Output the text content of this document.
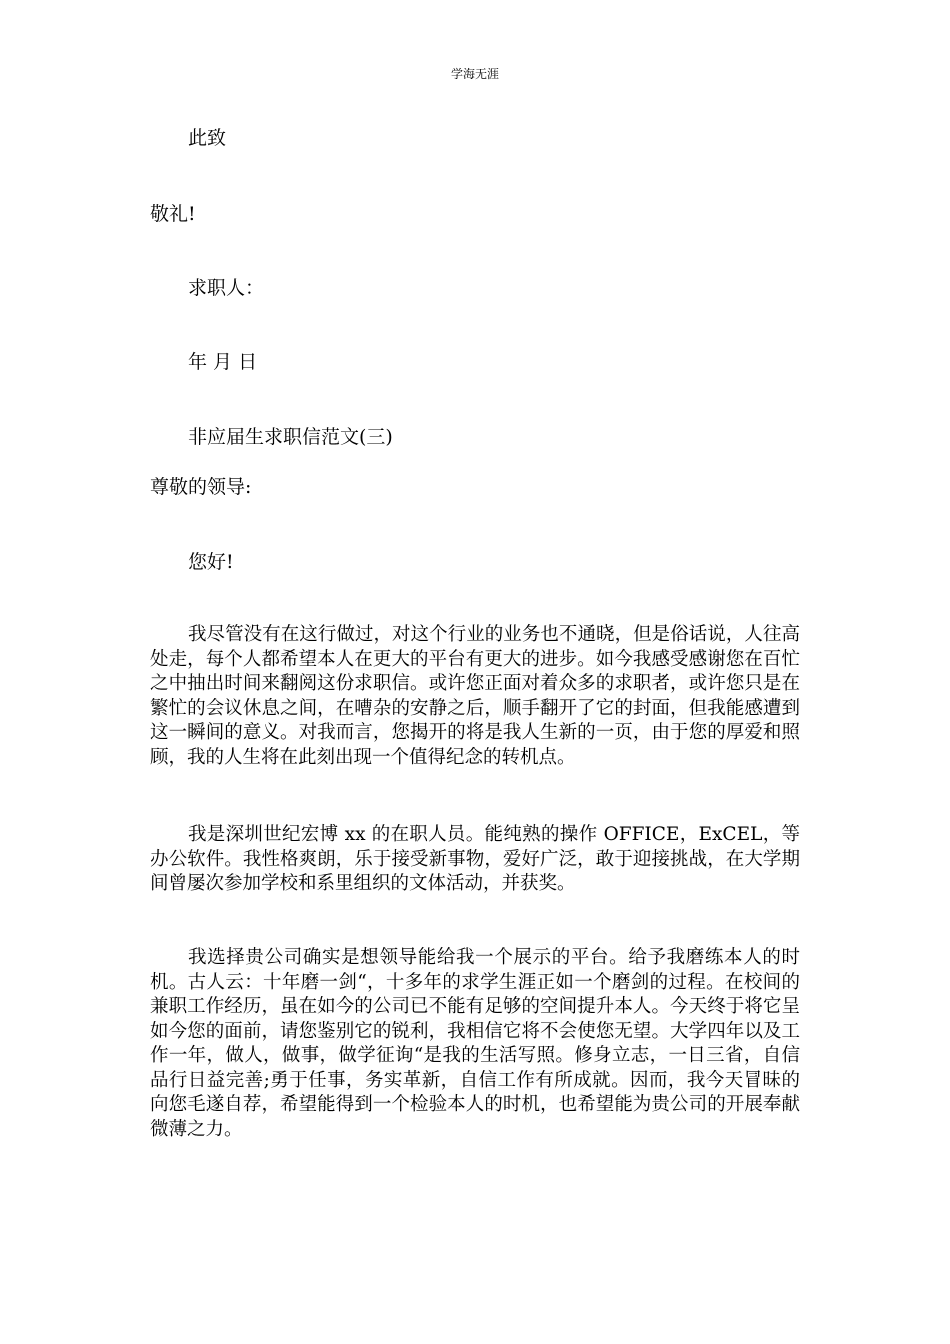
学海无涯
此致
敬礼!
求职人：
年 月 日
非应届生求职信范文(三)
尊敬的领导:
您好!

我尽管没有在这行做过，对这个行业的业务也不通晓，但是俗话说，人往高处走，每个人都希望本人在更大的平台有更大的进步。如今我感受感谢您在百忙之中抽出时间来翻阅这份求职信。或许您正面对着众多的求职者，或许您只是在繁忙的会议休息之间，在嘈杂的安静之后，顺手翻开了它的封面，但我能感遭到这一瞬间的意义。对我而言，您揭开的将是我人生新的一页，由于您的厚爱和照顾，我的人生将在此刻出现一个值得纪念的转机点。

我是深圳世纪宏博 xx 的在职人员。能纯熟的操作 OFFICE，ExCEL，等办公软件。我性格爽朗，乐于接受新事物，爱好广泛，敢于迎接挑战，在大学期间曾屡次参加学校和系里组织的文体活动，并获奖。

我选择贵公司确实是想领导能给我一个展示的平台。给予我磨练本人的时机。古人云：十年磨一剑“，十多年的求学生涯正如一个磨剑的过程。在校间的兼职工作经历，虽在如今的公司已不能有足够的空间提升本人。今天终于将它呈如今您的面前，请您鉴别它的锐利，我相信它将不会使您无望。大学四年以及工作一年，做人，做事，做学征询“是我的生活写照。修身立志，一日三省，自信品行日益完善;勇于任事，务实革新，自信工作有所成就。因而，我今天冒昧的向您毛遂自荐，希望能得到一个检验本人的时机，也希望能为贵公司的开展奉献微薄之力。
